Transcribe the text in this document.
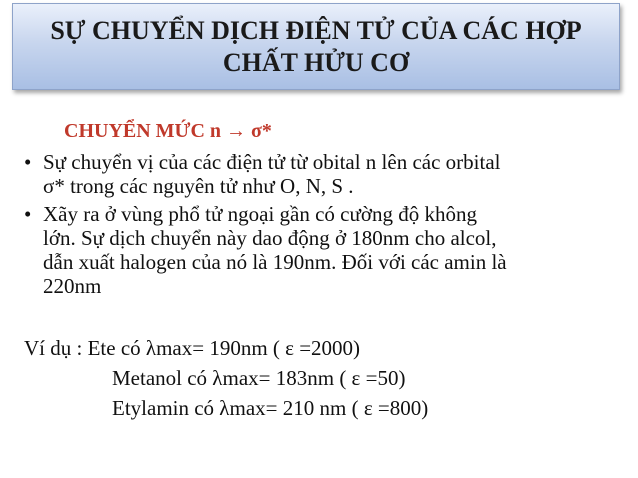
SỰ CHUYỂN DỊCH ĐIỆN TỬ CỦA CÁC HỢP
CHẤT HỬU CƠ
CHUYỂN MỨC n → σ*
• Sự chuyển vị của các điện tử từ obital n lên các orbital
σ* trong các nguyên tử như O, N, S .
• Xãy ra ở vùng phổ tử ngoại gần có cường độ không
lớn. Sự dịch chuyển này dao động ở 180nm cho alcol,
dẫn xuất halogen của nó là 190nm. Đối với các amin là
220nm
Ví dụ : Ete có λmax= 190nm ( ε =2000)
Metanol có λmax= 183nm ( ε =50)
Etylamin có λmax= 210 nm ( ε =800)
